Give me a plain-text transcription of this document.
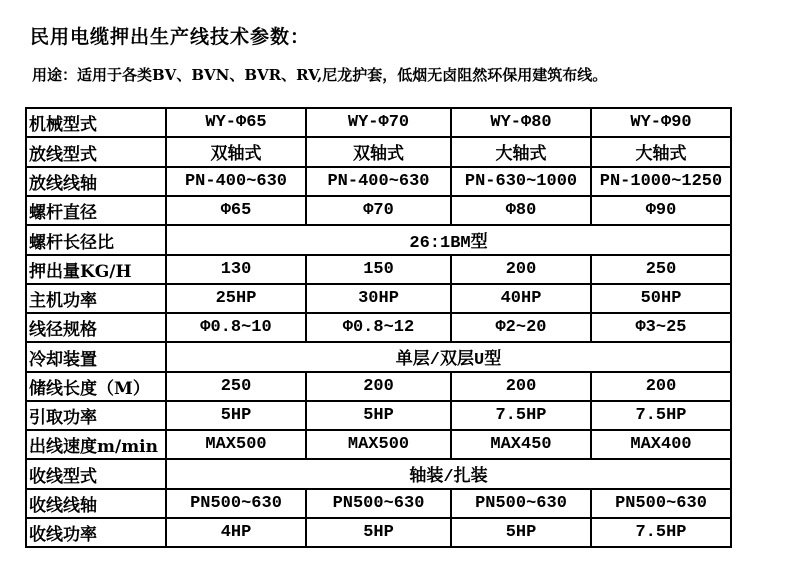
民用电缆押出生产线技术参数：

用途：适用于各类BV、BVN、BVR、RV,尼龙护套，低烟无卤阻然环保用建筑布线。

机械型式	WY-Φ65	WY-Φ70	WY-Φ80	WY-Φ90
放线型式	双轴式	双轴式	大轴式	大轴式
放线线轴	PN-400~630	PN-400~630	PN-630~1000	PN-1000~1250
螺杆直径	Φ65	Φ70	Φ80	Φ90
螺杆长径比	26:1BM型			
押出量KG/H	130	150	200	250
主机功率	25HP	30HP	40HP	50HP
线径规格	Φ0.8~10	Φ0.8~12	Φ2~20	Φ3~25
冷却装置	单层/双层U型			
储线长度（M）	250	200	200	200
引取功率	5HP	5HP	7.5HP	7.5HP
出线速度m/min	MAX500	MAX500	MAX450	MAX400
收线型式	轴装/扎装			
收线线轴	PN500~630	PN500~630	PN500~630	PN500~630
收线功率	4HP	5HP	5HP	7.5HP
